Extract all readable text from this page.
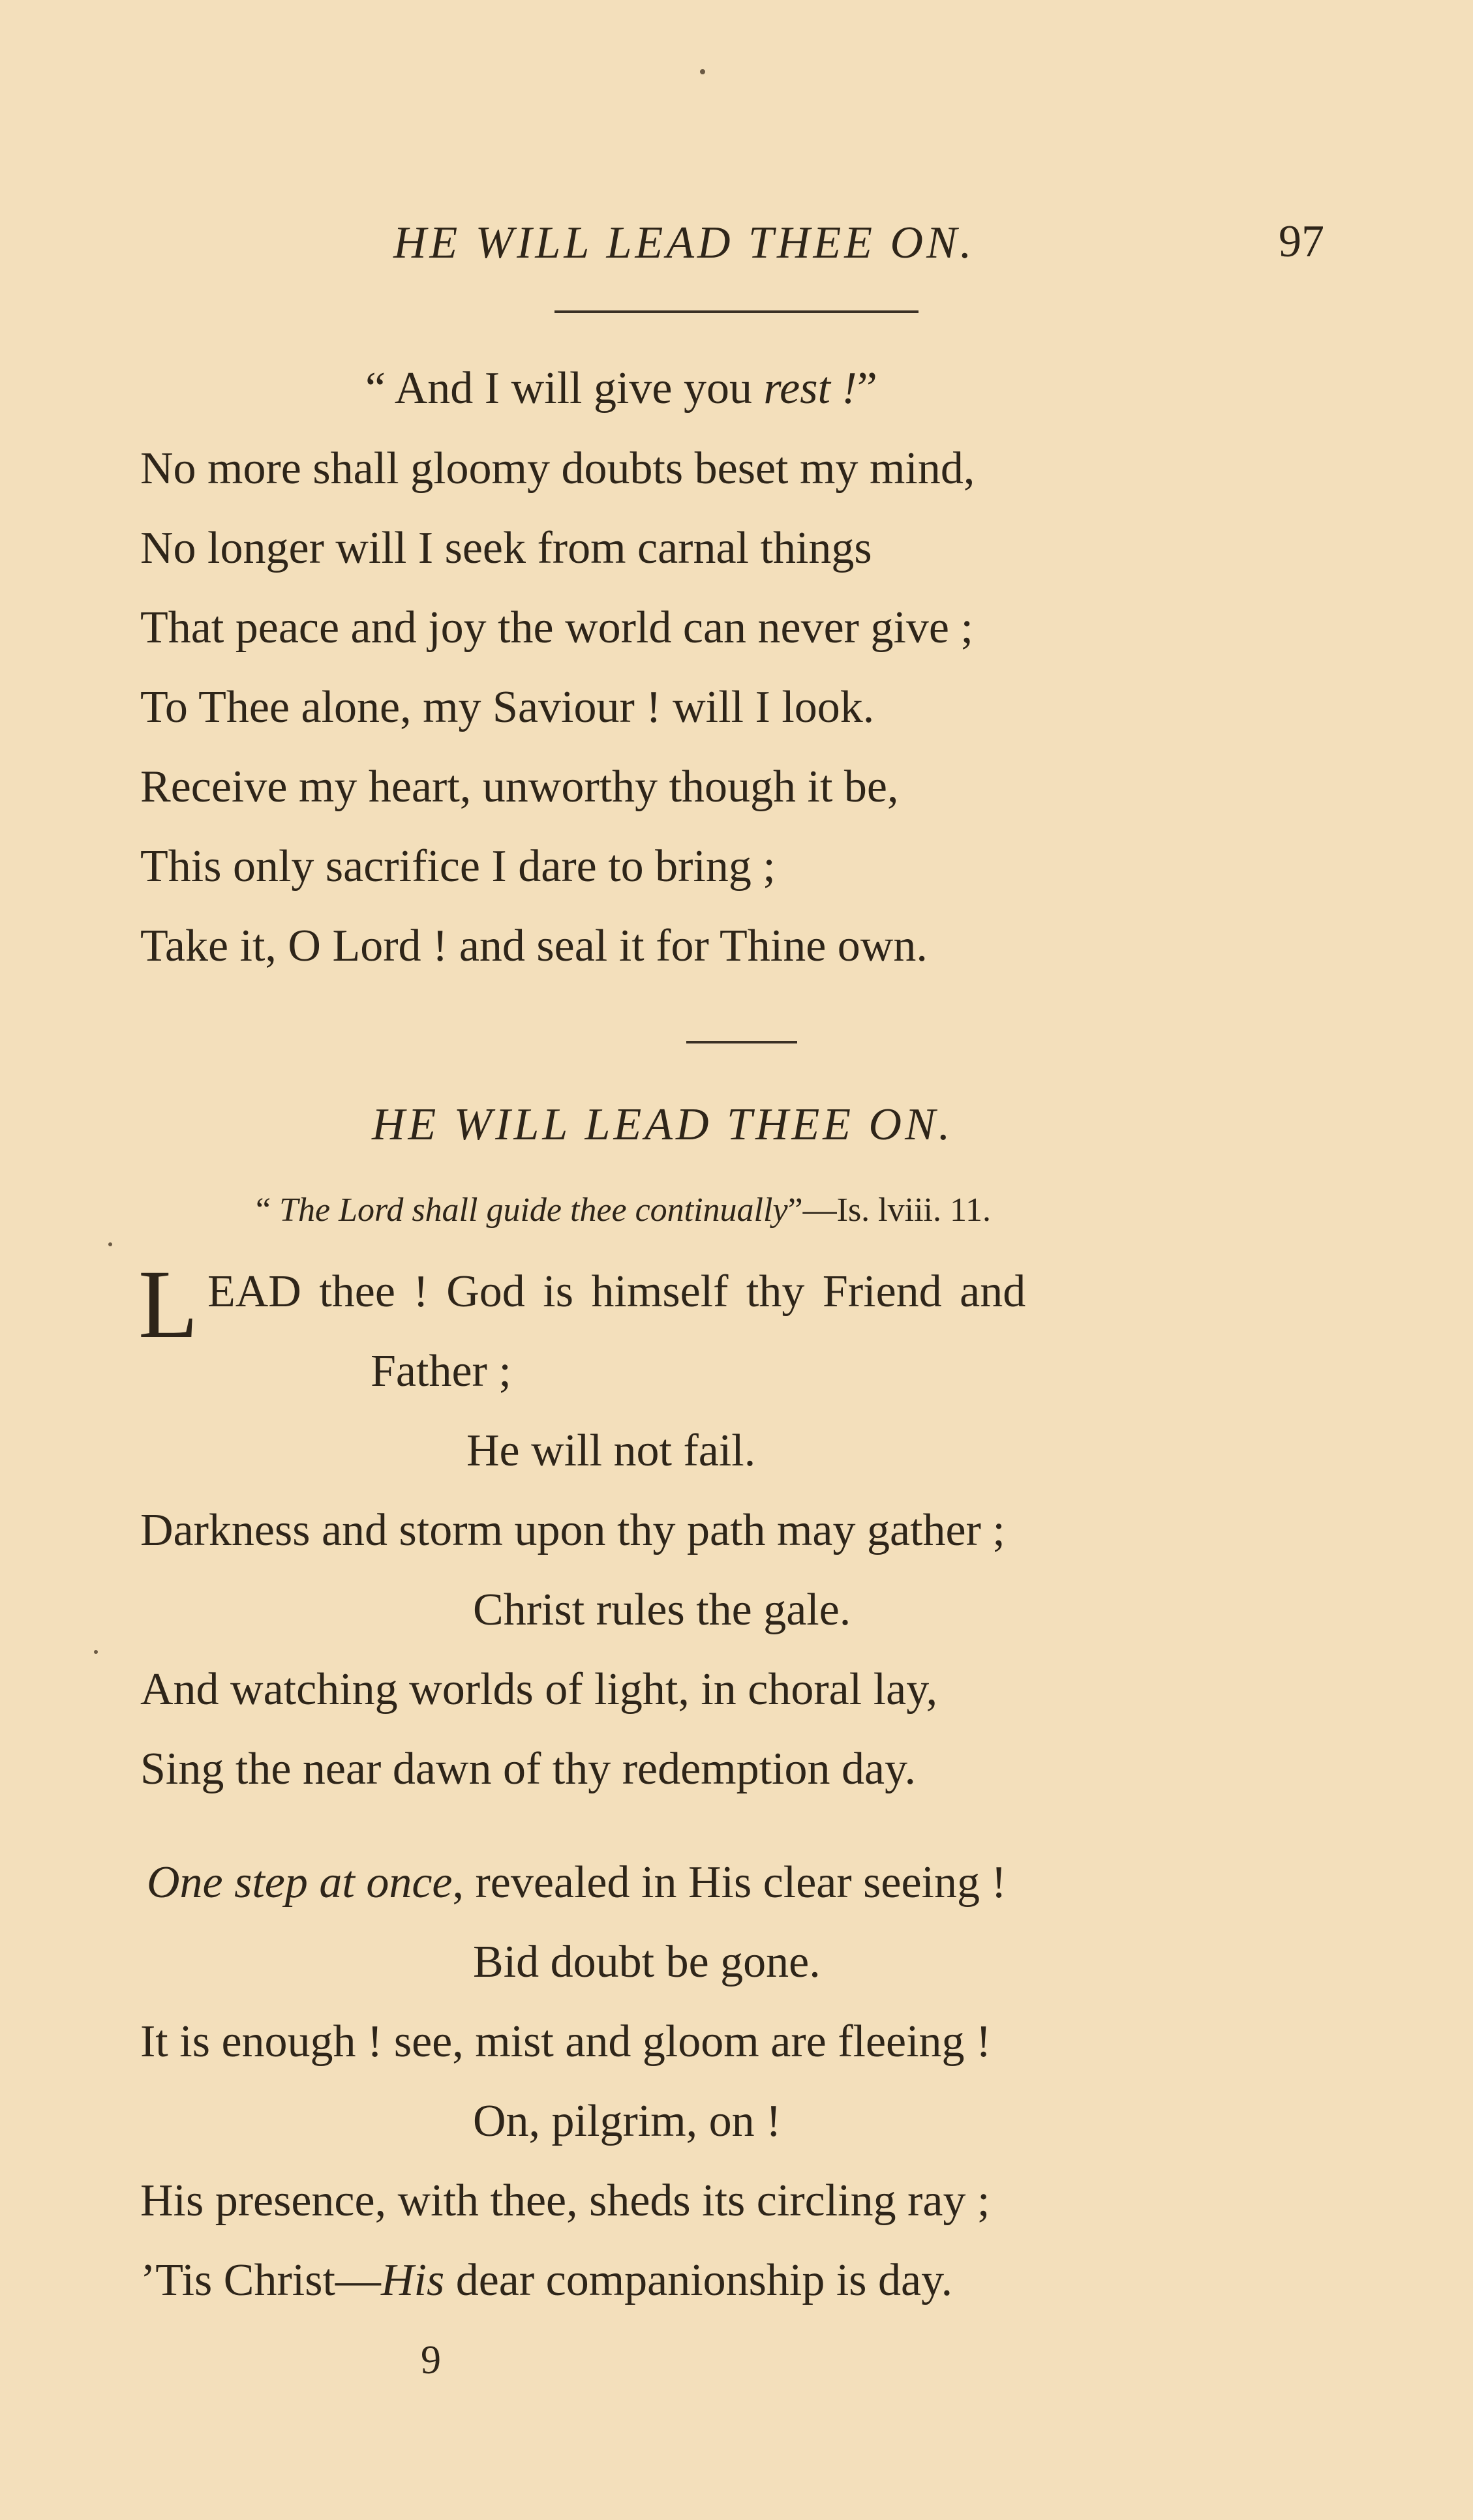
HE WILL LEAD THEE ON.	97
“ And I will give you rest !”
No more shall gloomy doubts beset my mind,
No longer will I seek from carnal things
That peace and joy the world can never give ;
To Thee alone, my Saviour ! will I look.
Receive my heart, unworthy though it be,
This only sacrifice I dare to bring ;
Take it, O Lord ! and seal it for Thine own.
HE WILL LEAD THEE ON.
“ The Lord shall guide thee continually”—Is. lviii. 11.
L EAD thee ! God is himself thy Friend and
Father ;
He will not fail.
Darkness and storm upon thy path may gather ;
Christ rules the gale.
And watching worlds of light, in choral lay,
Sing the near dawn of thy redemption day.
One step at once, revealed in His clear seeing !
Bid doubt be gone.
It is enough ! see, mist and gloom are fleeing !
On, pilgrim, on !
His presence, with thee, sheds its circling ray ;
’Tis Christ—His dear companionship is day.
9
